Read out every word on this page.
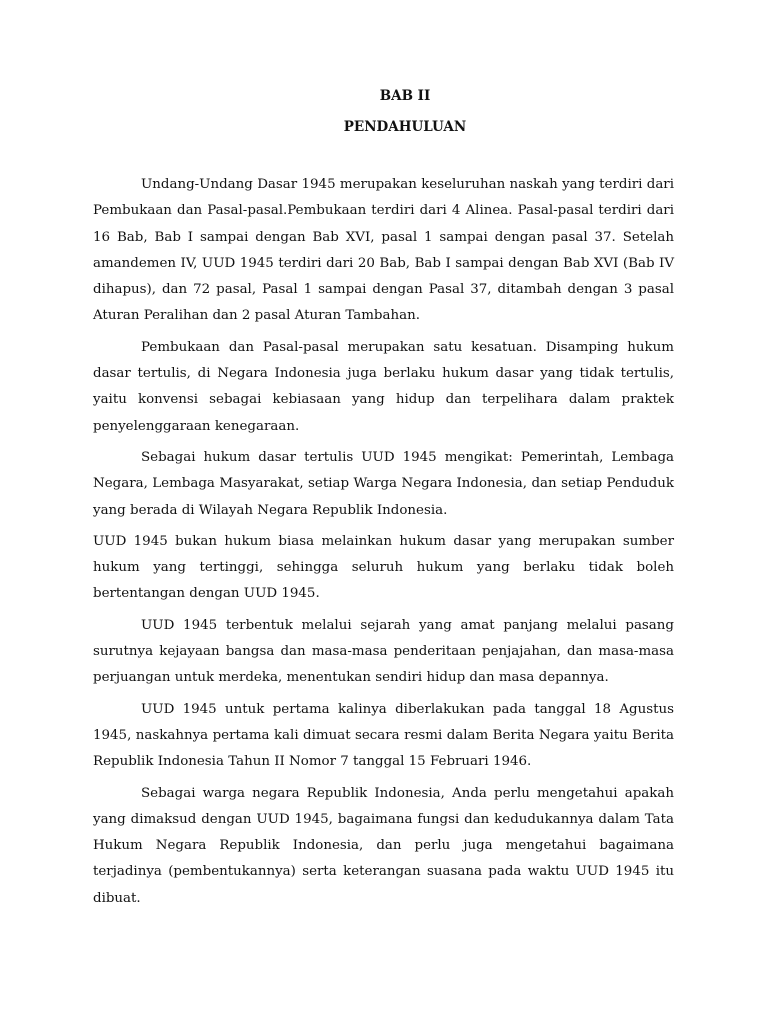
BAB II
PENDAHULUAN

Undang-Undang Dasar 1945 merupakan keseluruhan naskah yang terdiri dari Pembukaan dan Pasal-pasal.Pembukaan terdiri dari 4 Alinea. Pasal-pasal terdiri dari 16 Bab, Bab I sampai dengan Bab XVI, pasal 1 sampai dengan pasal 37. Setelah amandemen IV, UUD 1945 terdiri dari 20 Bab, Bab I sampai dengan Bab XVI (Bab IV dihapus), dan 72 pasal, Pasal 1 sampai dengan Pasal 37, ditambah dengan 3 pasal Aturan Peralihan dan 2 pasal Aturan Tambahan.

Pembukaan dan Pasal-pasal merupakan satu kesatuan. Disamping hukum dasar tertulis, di Negara Indonesia juga berlaku hukum dasar yang tidak tertulis, yaitu konvensi sebagai kebiasaan yang hidup dan terpelihara dalam praktek penyelenggaraan kenegaraan.

Sebagai hukum dasar tertulis UUD 1945 mengikat: Pemerintah, Lembaga Negara, Lembaga Masyarakat, setiap Warga Negara Indonesia, dan setiap Penduduk yang berada di Wilayah Negara Republik Indonesia.

UUD 1945 bukan hukum biasa melainkan hukum dasar yang merupakan sumber hukum yang tertinggi, sehingga seluruh hukum yang berlaku tidak boleh bertentangan dengan UUD 1945.

UUD 1945 terbentuk melalui sejarah yang amat panjang melalui pasang surutnya kejayaan bangsa dan masa-masa penderitaan penjajahan, dan masa-masa perjuangan untuk merdeka, menentukan sendiri hidup dan masa depannya.

UUD 1945 untuk pertama kalinya diberlakukan pada tanggal 18 Agustus 1945, naskahnya pertama kali dimuat secara resmi dalam Berita Negara yaitu Berita Republik Indonesia Tahun II Nomor 7 tanggal 15 Februari 1946.

Sebagai warga negara Republik Indonesia, Anda perlu mengetahui apakah yang dimaksud dengan UUD 1945, bagaimana fungsi dan kedudukannya dalam Tata Hukum Negara Republik Indonesia, dan perlu juga mengetahui bagaimana terjadinya (pembentukannya) serta keterangan suasana pada waktu UUD 1945 itu dibuat.
